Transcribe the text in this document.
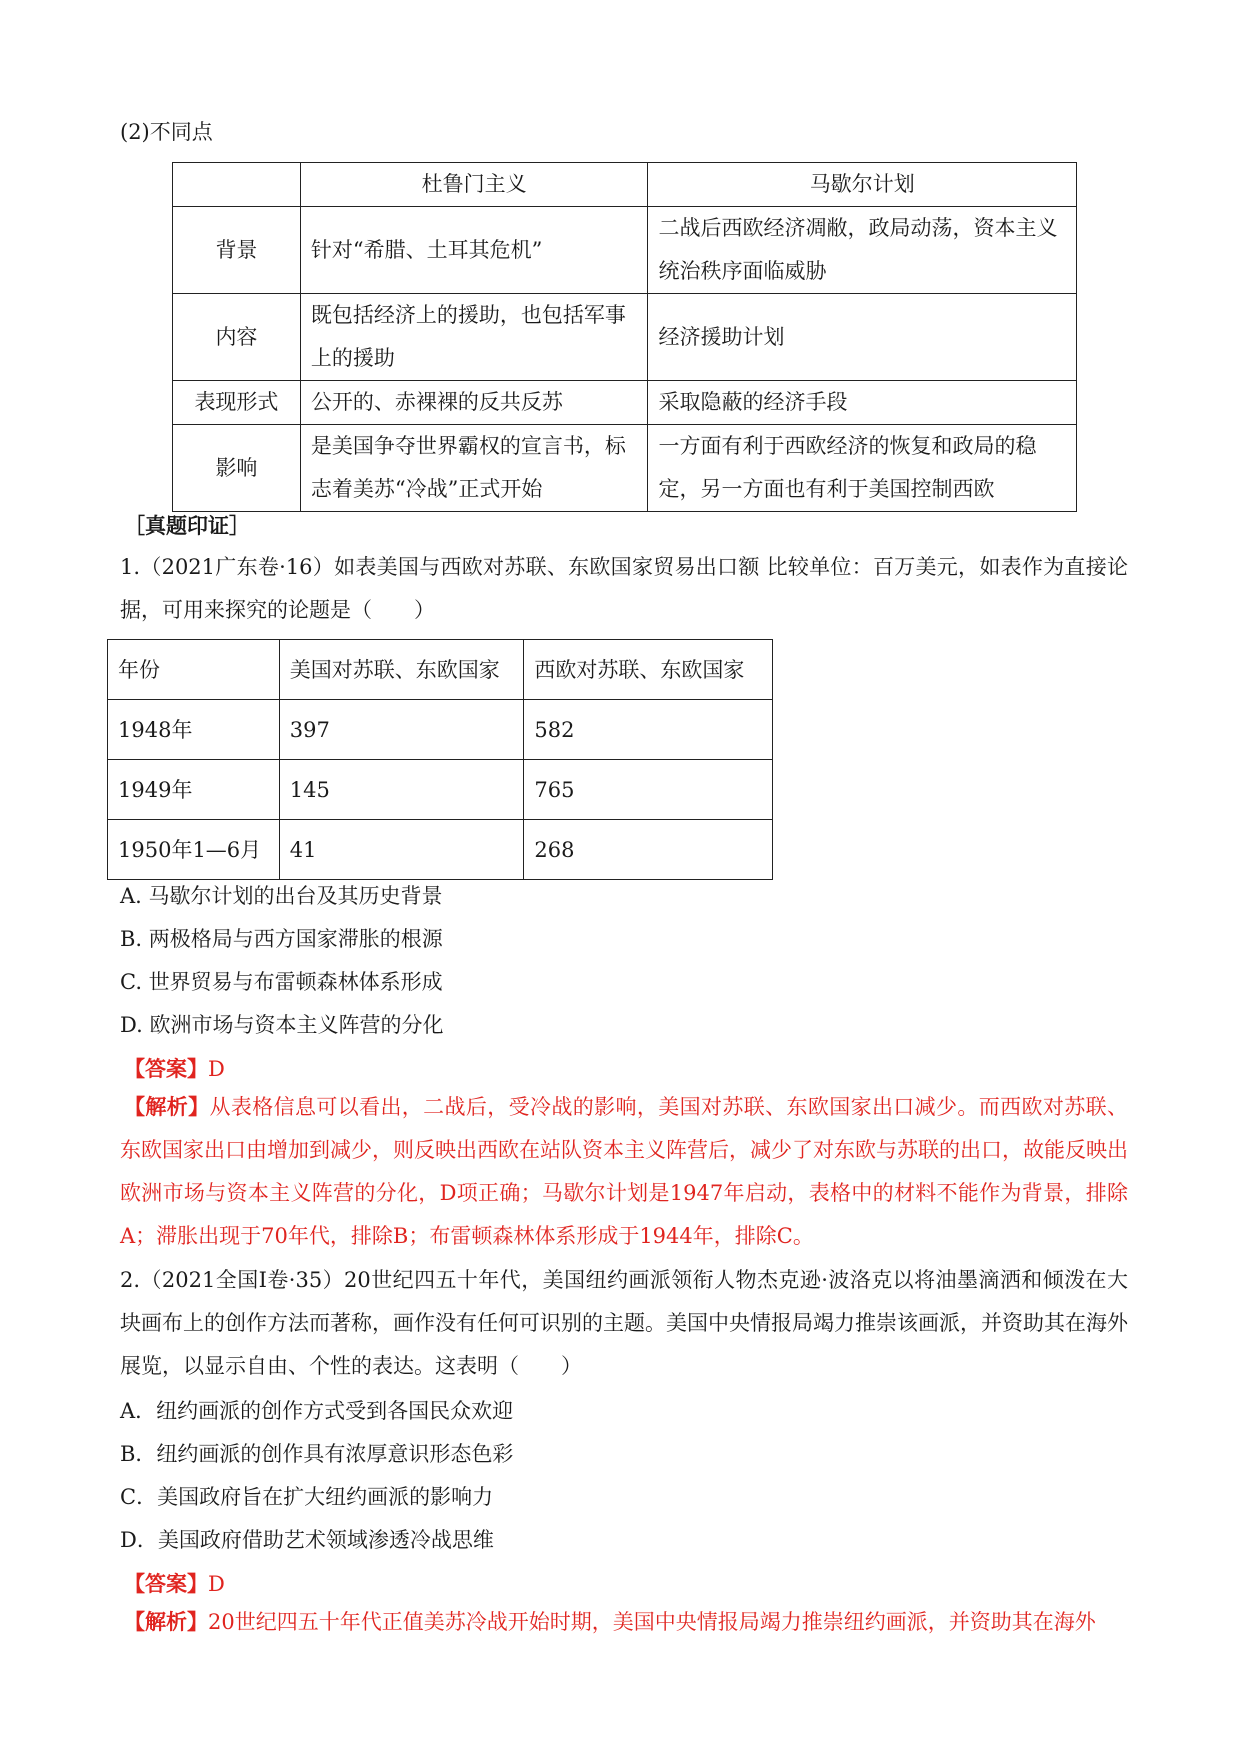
(2)不同点
	杜鲁门主义	马歇尔计划
背景	针对“希腊、土耳其危机”	二战后西欧经济凋敝，政局动荡，资本主义统治秩序面临威胁
内容	既包括经济上的援助，也包括军事上的援助	经济援助计划
表现形式	公开的、赤裸裸的反共反苏	采取隐蔽的经济手段
影响	是美国争夺世界霸权的宣言书，标志着美苏“冷战”正式开始	一方面有利于西欧经济的恢复和政局的稳定，另一方面也有利于美国控制西欧
［真题印证］
1.（2021广东卷·16）如表美国与西欧对苏联、东欧国家贸易出口额 比较单位：百万美元，如表作为直接论据，可用来探究的论题是（　　）
年份	美国对苏联、东欧国家	西欧对苏联、东欧国家
1948年	397	582
1949年	145	765
1950年1—6月	41	268
A. 马歇尔计划的出台及其历史背景
B. 两极格局与西方国家滞胀的根源
C. 世界贸易与布雷顿森林体系形成
D. 欧洲市场与资本主义阵营的分化
【答案】D
【解析】从表格信息可以看出，二战后，受冷战的影响，美国对苏联、东欧国家出口减少。而西欧对苏联、东欧国家出口由增加到减少，则反映出西欧在站队资本主义阵营后，减少了对东欧与苏联的出口，故能反映出欧洲市场与资本主义阵营的分化，D项正确；马歇尔计划是1947年启动，表格中的材料不能作为背景，排除A；滞胀出现于70年代，排除B；布雷顿森林体系形成于1944年，排除C。
2.（2021全国Ⅰ卷·35）20世纪四五十年代，美国纽约画派领衔人物杰克逊·波洛克以将油墨滴洒和倾泼在大块画布上的创作方法而著称，画作没有任何可识别的主题。美国中央情报局竭力推崇该画派，并资助其在海外展览，以显示自由、个性的表达。这表明（　　）
A．纽约画派的创作方式受到各国民众欢迎
B．纽约画派的创作具有浓厚意识形态色彩
C．美国政府旨在扩大纽约画派的影响力
D．美国政府借助艺术领域渗透冷战思维
【答案】D
【解析】20世纪四五十年代正值美苏冷战开始时期，美国中央情报局竭力推崇纽约画派，并资助其在海外
